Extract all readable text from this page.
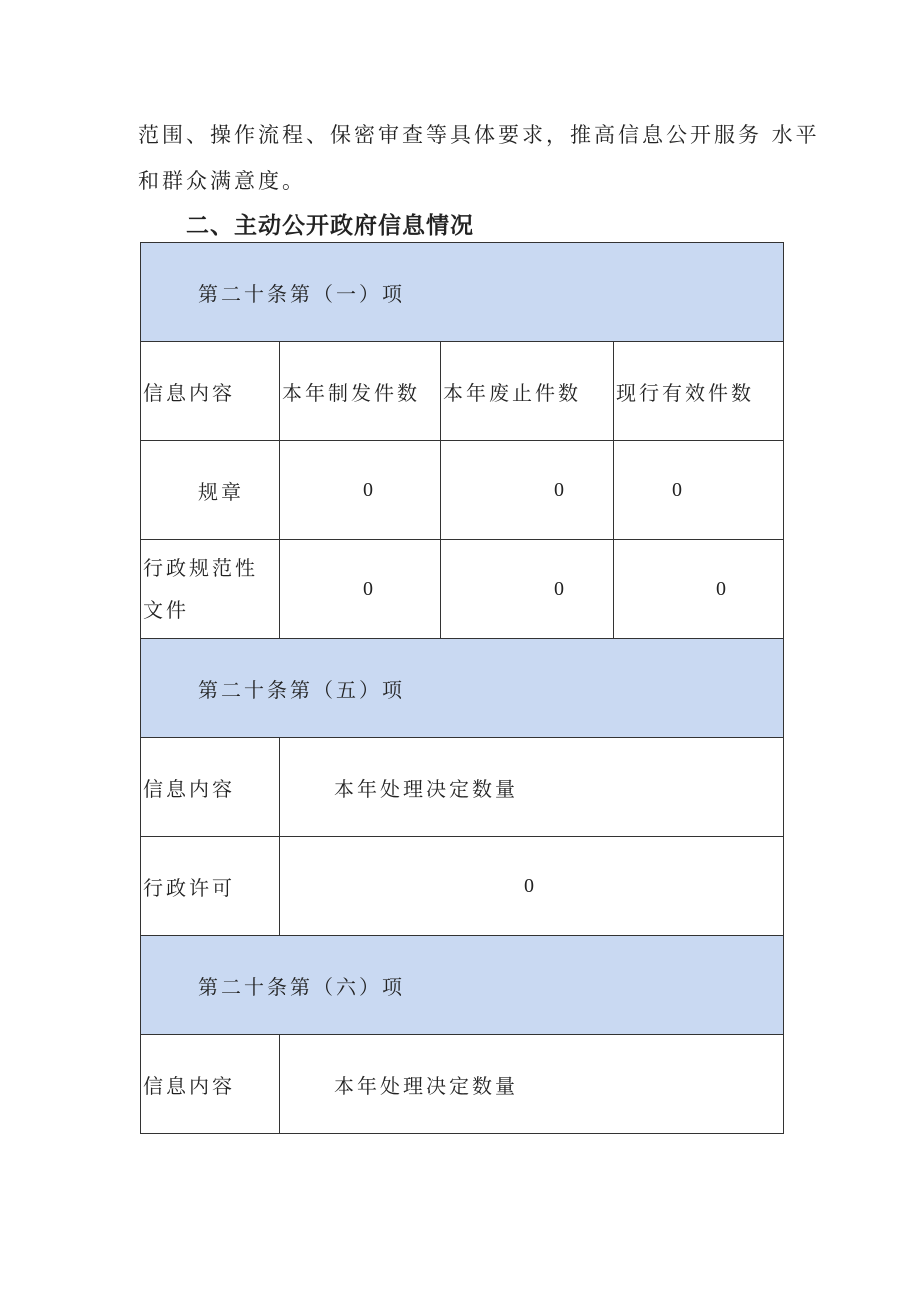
范围、操作流程、保密审查等具体要求，推高信息公开服务 水平
和群众满意度。

二、主动公开政府信息情况
第二十条第（一）项			
信息内容	本年制发件数	本年废止件数	现行有效件数
规章	0	0	0

行政规范性
文件	0	0	0
第二十条第（五）项			
信息内容	本年处理决定数量		
行政许可	0		
第二十条第（六）项			
信息内容	本年处理决定数量		
